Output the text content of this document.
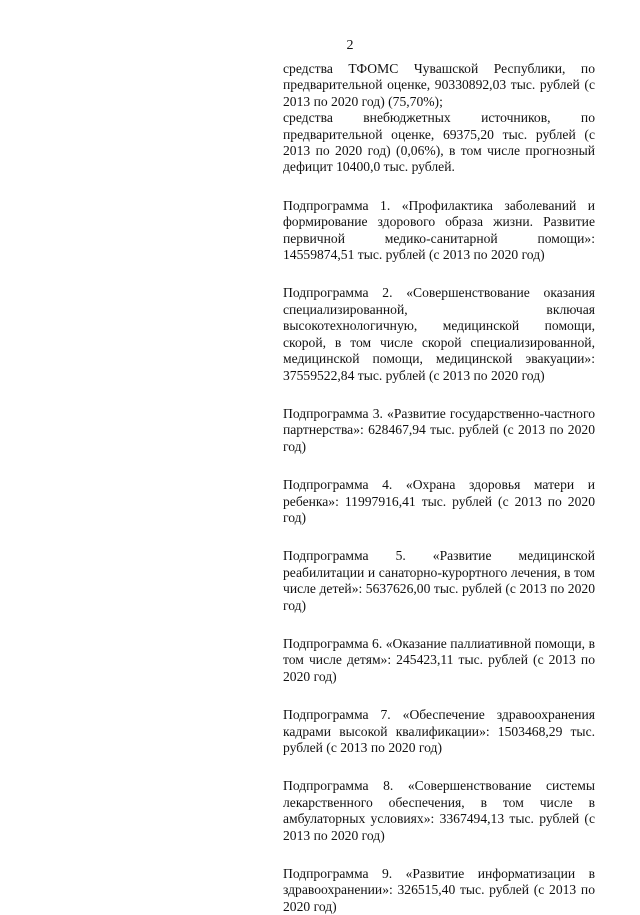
2

средства ТФОМС Чувашской Республики, по предварительной оценке, 90330892,03 тыс. рублей (с 2013 по 2020 год) (75,70%);

средства внебюджетных источников, по предварительной оценке, 69375,20 тыс. рублей (с 2013 по 2020 год) (0,06%), в том числе прогнозный дефицит 10400,0 тыс. рублей.

Подпрограмма 1. «Профилактика заболеваний и формирование здорового образа жизни. Развитие первичной медико-санитарной помощи»: 14559874,51 тыс. рублей (с 2013 по 2020 год)

Подпрограмма 2. «Совершенствование оказания специализированной, включая высокотехнологичную, медицинской помощи, скорой, в том числе скорой специализированной, медицинской помощи, медицинской эвакуации»: 37559522,84 тыс. рублей (с 2013 по 2020 год)

Подпрограмма 3. «Развитие государственно-частного партнерства»: 628467,94 тыс. рублей (с 2013 по 2020 год)

Подпрограмма 4. «Охрана здоровья матери и ребенка»: 11997916,41 тыс. рублей (с 2013 по 2020 год)

Подпрограмма 5. «Развитие медицинской реабилитации и санаторно-курортного лечения, в том числе детей»: 5637626,00 тыс. рублей (с 2013 по 2020 год)

Подпрограмма 6. «Оказание паллиативной помощи, в том числе детям»: 245423,11 тыс. рублей (с 2013 по 2020 год)

Подпрограмма 7. «Обеспечение здравоохранения кадрами высокой квалификации»: 1503468,29 тыс. рублей (с 2013 по 2020 год)

Подпрограмма 8. «Совершенствование системы лекарственного обеспечения, в том числе в амбулаторных условиях»: 3367494,13 тыс. рублей (с 2013 по 2020 год)

Подпрограмма 9. «Развитие информатизации в здравоохранении»: 326515,40 тыс. рублей (с 2013 по 2020 год)
